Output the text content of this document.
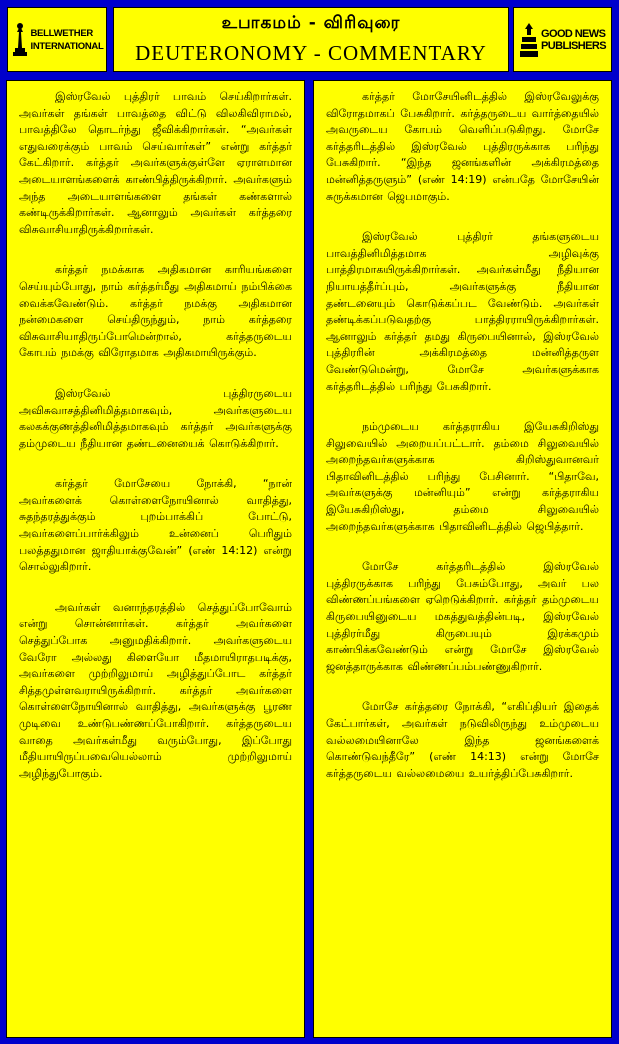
BELLWETHER
INTERNATIONAL
உபாகமம் - விரிவுரை
DEUTERONOMY - COMMENTARY
GOOD NEWS
PUBLISHERS

இஸ்ரவேல் புத்திரர் பாவம் செய்கிறார்கள். அவர்கள் தங்கள் பாவத்தை விட்டு விலகிவிராமல், பாவத்திலே தொடர்ந்து ஜீவிக்கிறார்கள். “அவர்கள் எதுவரைக்கும் பாவம் செய்வார்கள்” என்று கர்த்தர் கேட்கிறார். கர்த்தர் அவர்களுக்குள்ளே ஏராளமான அடையாளங்களைக் காண்பித்திருக்கிறார். அவர்களும் அந்த அடையாளங்களை தங்கள் கண்களால் கண்டிருக்கிறார்கள். ஆனாலும் அவர்கள் கர்த்தரை விசுவாசியாதிருக்கிறார்கள்.

கர்த்தர் நமக்காக அதிகமான காரியங்களை செய்யும்போது, நாம் கர்த்தர்மீது அதிகமாய் நம்பிக்கை வைக்கவேண்டும். கர்த்தர் நமக்கு அதிகமான நன்மைகளை செய்திருந்தும், நாம் கர்த்தரை விசுவாசியாதிருப்போமென்றால், கர்த்தருடைய கோபம் நமக்கு விரோதமாக அதிகமாயிருக்கும்.

இஸ்ரவேல் புத்திரருடைய அவிசுவாசத்தினிமித்தமாகவும், அவர்களுடைய கலகக்குணத்தினிமித்தமாகவும் கர்த்தர் அவர்களுக்கு தம்முடைய நீதியான தண்டனையைக் கொடுக்கிறார்.

கர்த்தர் மோசேயை நோக்கி, “நான் அவர்களைக் கொள்ளைநோயினால் வாதித்து, சுதந்தரத்துக்கும் புறம்பாக்கிப் போட்டு, அவர்களைப்பார்க்கிலும் உன்னைப் பெரிதும் பலத்ததுமான ஜாதியாக்குவேன்” (எண் 14:12) என்று சொல்லுகிறார்.

அவர்கள் வனாந்தரத்தில் செத்துப்போவோம் என்று சொன்னார்கள். கர்த்தர் அவர்களை செத்துப்போக அனுமதிக்கிறார். அவர்களுடைய வேரோ அல்லது கிளையோ மீதமாயிராதபடிக்கு, அவர்களை முற்றிலுமாய் அழித்துப்போட கர்த்தர் சித்தமுள்ளவராயிருக்கிறார். கர்த்தர் அவர்களை கொள்ளைநோயினால் வாதித்து, அவர்களுக்கு பூரண முடிவை உண்டுபண்ணப்போகிறார். கர்த்தருடைய வாதை அவர்கள்மீது வரும்போது, இப்போது மீதியாயிருப்பவையெல்லாம் முற்றிலுமாய் அழிந்துபோகும்.

கர்த்தர் மோசேயினிடத்தில் இஸ்ரவேலுக்கு விரோதமாகப் பேசுகிறார். கர்த்தருடைய வார்த்தையில் அவருடைய கோபம் வெளிப்படுகிறது. மோசே கர்த்தரிடத்தில் இஸ்ரவேல் புத்திரருக்காக பரிந்து பேசுகிறார். “இந்த ஜனங்களின் அக்கிரமத்தை மன்னித்தருளும்” (எண் 14:19) என்பதே மோசேயின் சுருக்கமான ஜெபமாகும்.

இஸ்ரவேல் புத்திரர் தங்களுடைய பாவத்தினிமித்தமாக அழிவுக்கு பாத்திரமாகயிருக்கிறார்கள். அவர்கள்மீது நீதியான நியாயத்தீர்ப்பும், அவர்களுக்கு நீதியான தண்டனையும் கொடுக்கப்பட வேண்டும். அவர்கள் தண்டிக்கப்படுவதற்கு பாத்திரராயிருக்கிறார்கள். ஆனாலும் கர்த்தர் தமது கிருபையினால், இஸ்ரவேல் புத்திரரின் அக்கிரமத்தை மன்னித்தருள வேண்டுமென்று, மோசே அவர்களுக்காக கர்த்தரிடத்தில் பரிந்து பேசுகிறார்.

நம்முடைய கர்த்தராகிய இயேசுகிறிஸ்து சிலுவையில் அறையப்பட்டார். தம்மை சிலுவையில் அறைந்தவர்களுக்காக கிறிஸ்துவானவர் பிதாவினிடத்தில் பரிந்து பேசினார். “பிதாவே, அவர்களுக்கு மன்னியும்” என்று கர்த்தராகிய இயேசுகிறிஸ்து, தம்மை சிலுவையில் அறைந்தவர்களுக்காக பிதாவினிடத்தில் ஜெபித்தார்.

மோசே கர்த்தரிடத்தில் இஸ்ரவேல் புத்திரருக்காக பரிந்து பேசும்போது, அவர் பல விண்ணப்பங்களை ஏறெடுக்கிறார். கர்த்தர் தம்முடைய கிருபையினுடைய மகத்துவத்தின்படி, இஸ்ரவேல் புத்திரர்மீது கிருபையும் இரக்கமும் காண்பிக்கவேண்டும் என்று மோசே இஸ்ரவேல் ஜனத்தாருக்காக விண்ணப்பம்பண்ணுகிறார்.

மோசே கர்த்தரை நோக்கி, “எகிப்தியர் இதைக் கேட்பார்கள், அவர்கள் நடுவிலிருந்து உம்முடைய வல்லமையினாலே இந்த ஜனங்களைக் கொண்டுவந்தீரே” (எண் 14:13) என்று மோசே கர்த்தருடைய வல்லமையை உயர்த்திப்பேசுகிறார்.
